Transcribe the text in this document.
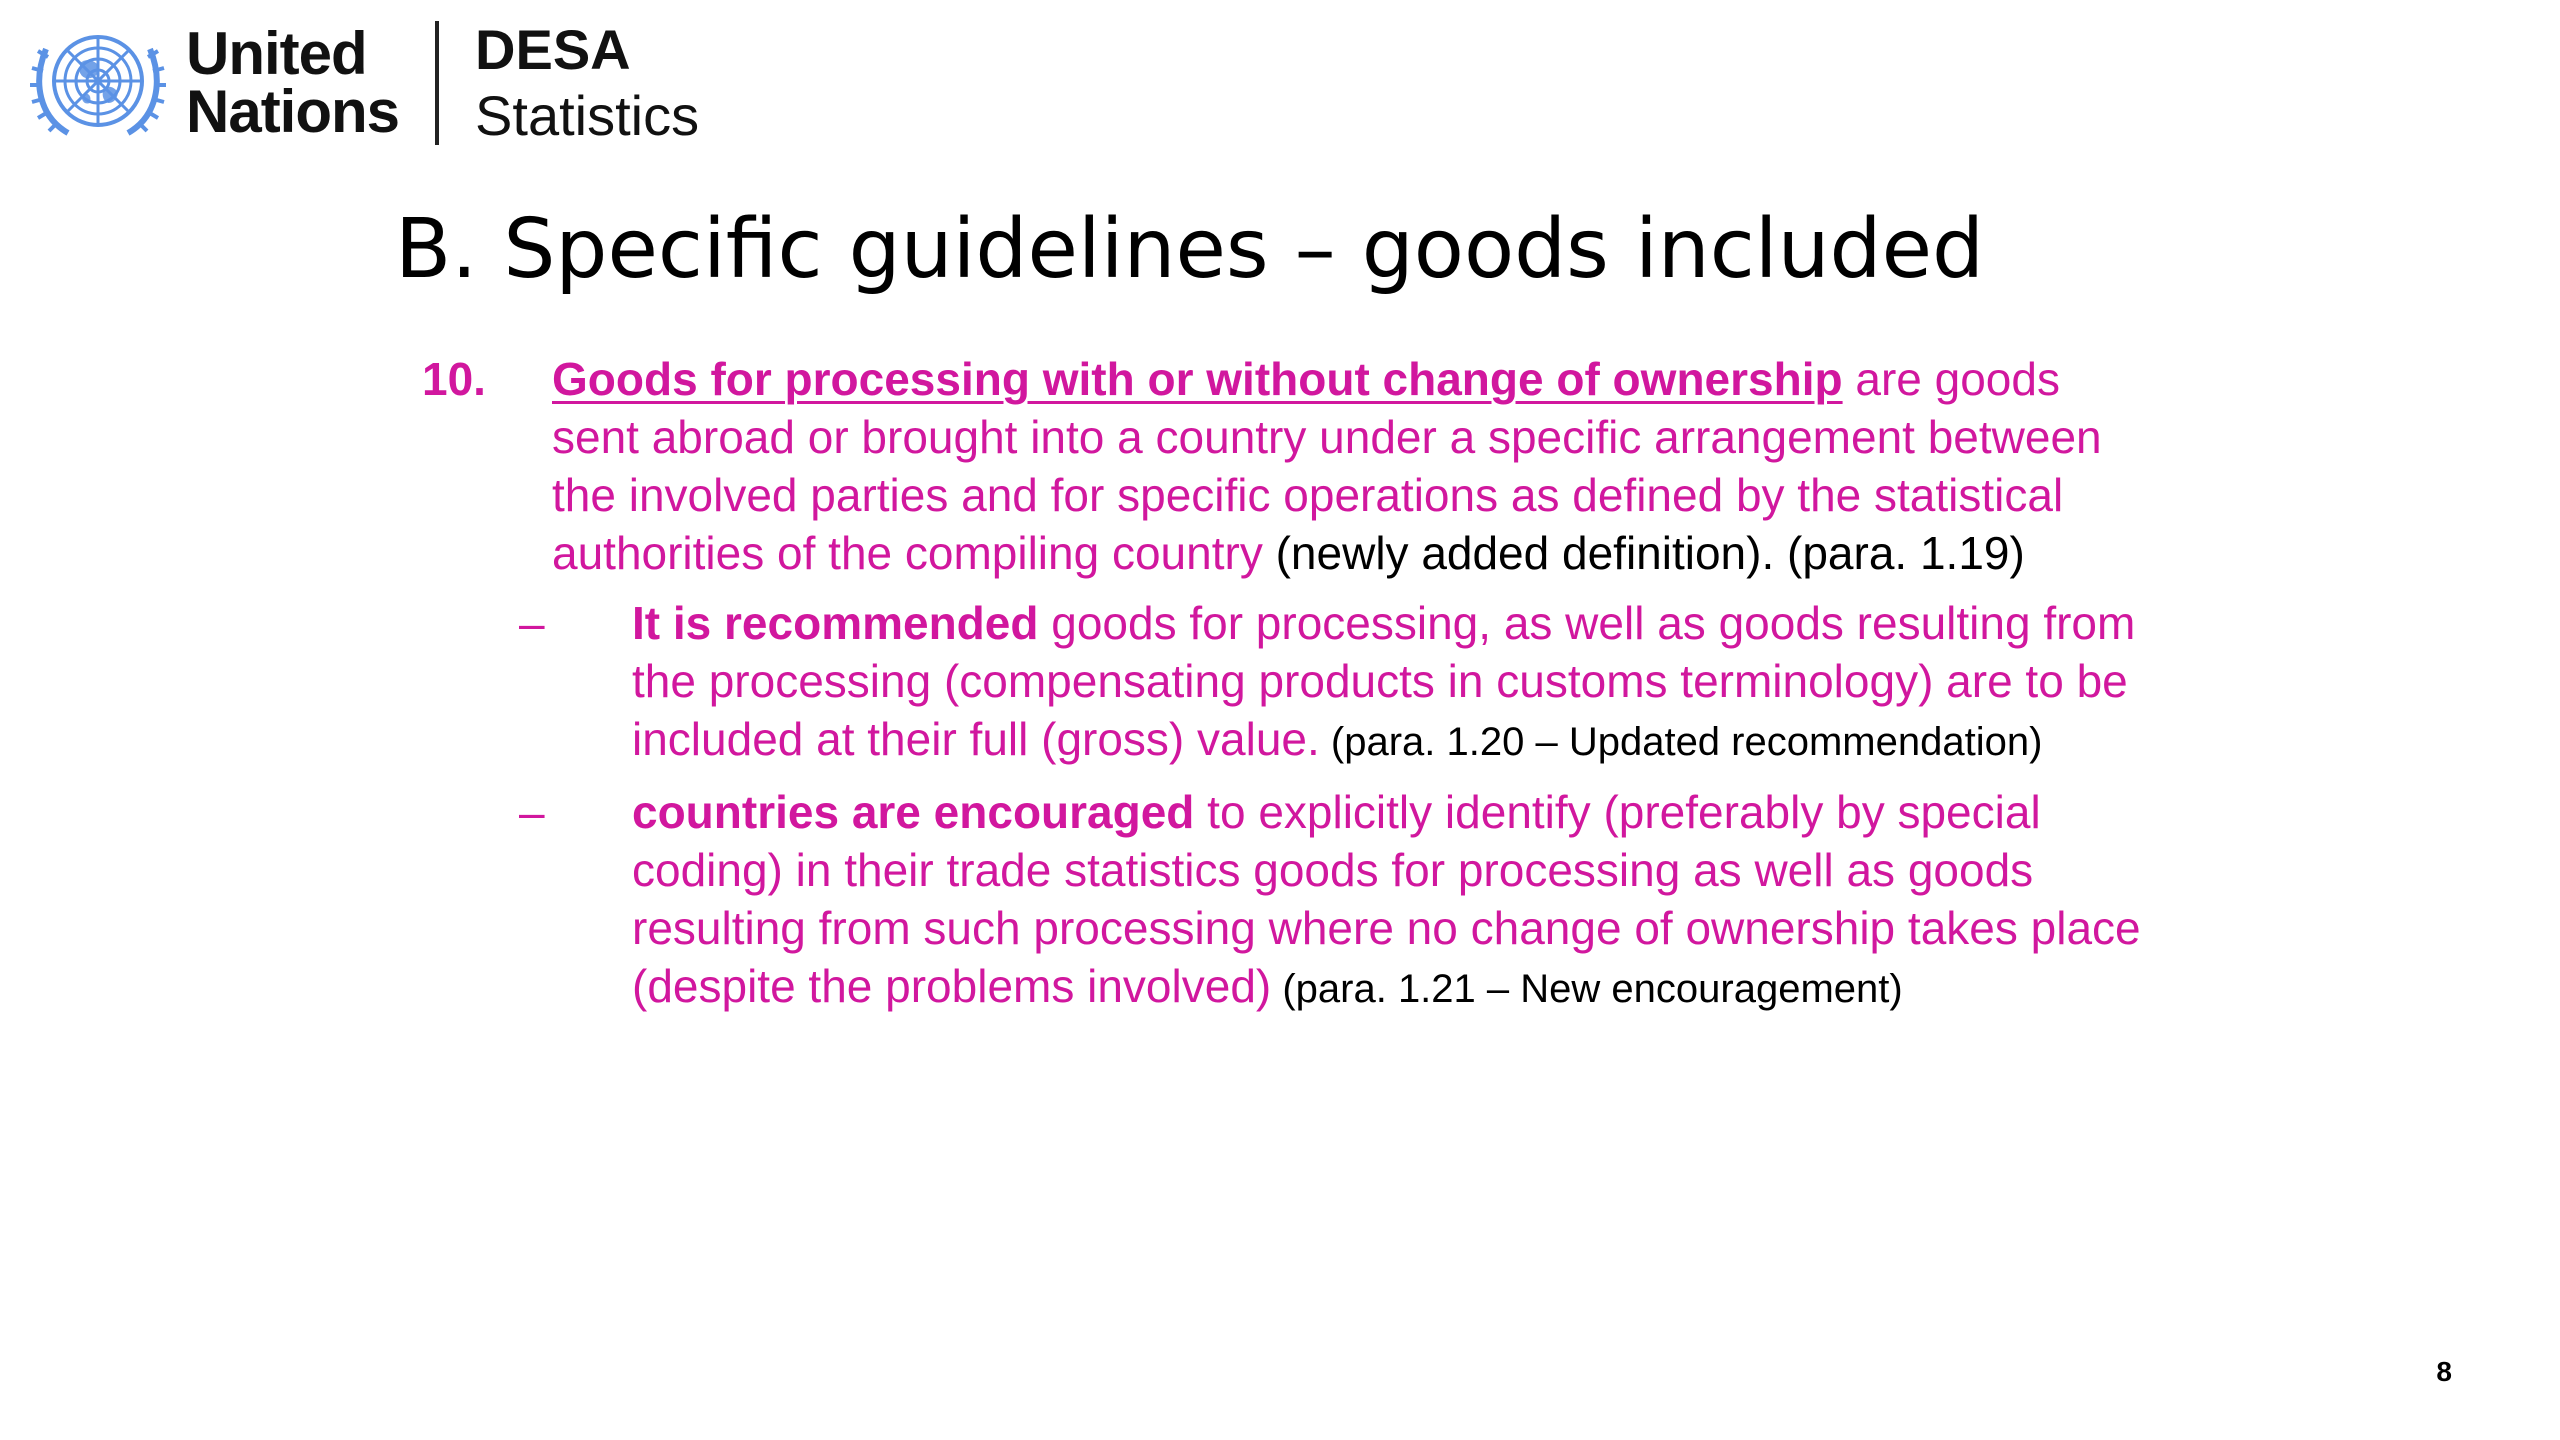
United
Nations
DESA
Statistics
B. Specific guidelines – goods included
10.	Goods for processing with or without change of ownership are goods sent abroad or brought into a country under a specific arrangement between the involved parties and for specific operations as defined by the statistical authorities of the compiling country (newly added definition). (para. 1.19)
–	It is recommended goods for processing, as well as goods resulting from the processing (compensating products in customs terminology) are to be included at their full (gross) value. (para. 1.20 – Updated recommendation)
–	countries are encouraged to explicitly identify (preferably by special coding) in their trade statistics goods for processing as well as goods resulting from such processing where no change of ownership takes place (despite the problems involved) (para. 1.21 – New encouragement)
8
